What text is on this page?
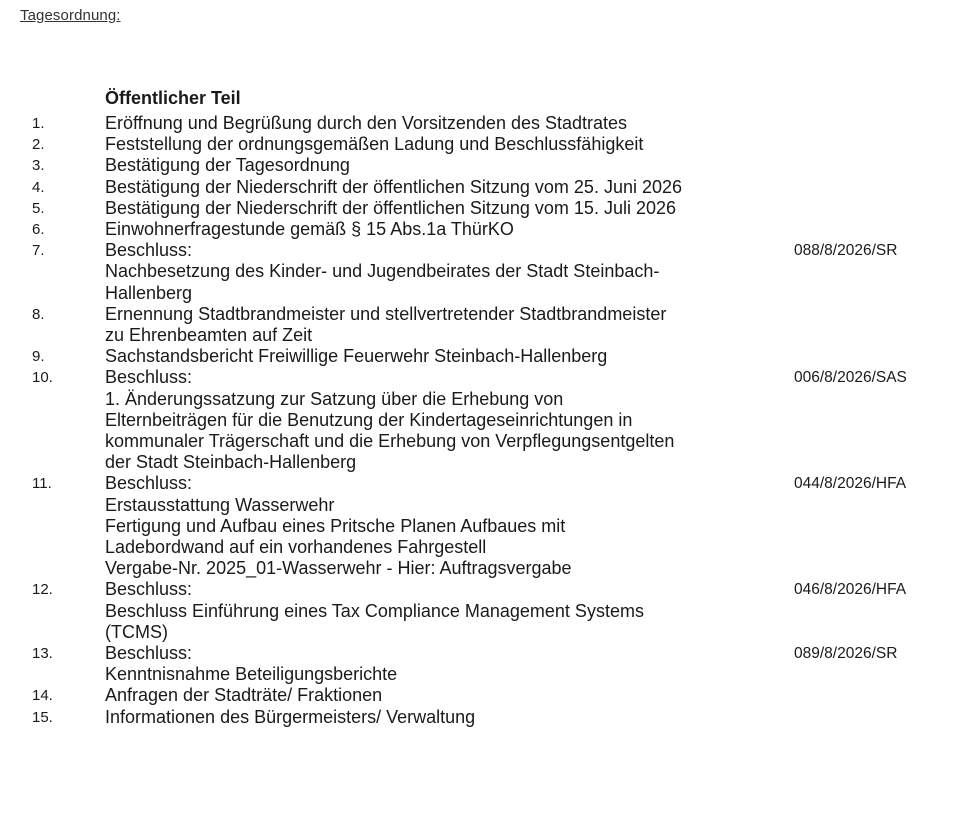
Tagesordnung:
Öffentlicher Teil
1.	Eröffnung und Begrüßung durch den Vorsitzenden des Stadtrates
2.	Feststellung der ordnungsgemäßen Ladung und Beschlussfähigkeit
3.	Bestätigung der Tagesordnung
4.	Bestätigung der Niederschrift der öffentlichen Sitzung vom 25. Juni 2026
5.	Bestätigung der Niederschrift der öffentlichen Sitzung vom 15. Juli 2026
6.	Einwohnerfragestunde gemäß § 15 Abs.1a ThürKO
7.	Beschluss:
Nachbesetzung des Kinder- und Jugendbeirates der Stadt Steinbach-
Hallenberg
088/8/2026/SR
8.	Ernennung Stadtbrandmeister und stellvertretender Stadtbrandmeister
zu Ehrenbeamten auf Zeit
9.	Sachstandsbericht Freiwillige Feuerwehr Steinbach-Hallenberg
10.	Beschluss:
1. Änderungssatzung zur Satzung über die Erhebung von
Elternbeiträgen für die Benutzung der Kindertageseinrichtungen in
kommunaler Trägerschaft und die Erhebung von Verpflegungsentgelten
der Stadt Steinbach-Hallenberg
006/8/2026/SAS
11.	Beschluss:
Erstausstattung Wasserwehr
Fertigung und Aufbau eines Pritsche Planen Aufbaues mit
Ladebordwand auf ein vorhandenes Fahrgestell
Vergabe-Nr. 2025_01-Wasserwehr - Hier: Auftragsvergabe
044/8/2026/HFA
12.	Beschluss:
Beschluss Einführung eines Tax Compliance Management Systems
(TCMS)
046/8/2026/HFA
13.	Beschluss:
Kenntnisnahme Beteiligungsberichte
089/8/2026/SR
14.	Anfragen der Stadträte/ Fraktionen
15.	Informationen des Bürgermeisters/ Verwaltung
